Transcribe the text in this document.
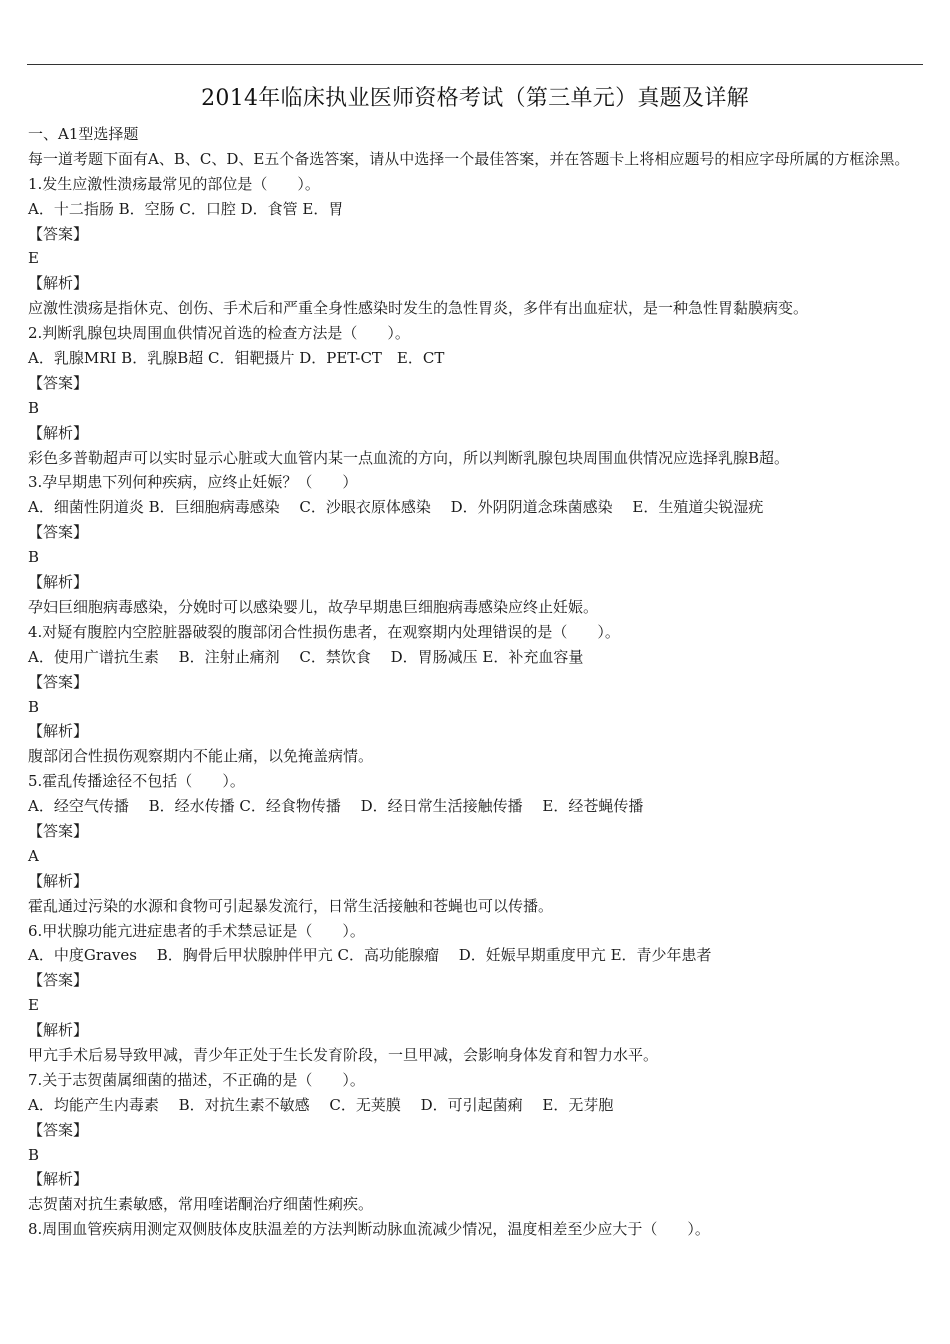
2014年临床执业医师资格考试（第三单元）真题及详解
一、A1型选择题
每一道考题下面有A、B、C、D、E五个备选答案，请从中选择一个最佳答案，并在答题卡上将相应题号的相应字母所属的方框涂黑。
1.发生应激性溃疡最常见的部位是（　　）。
A．十二指肠 B．空肠 C．口腔 D．食管 E．胃
【答案】
E
【解析】
应激性溃疡是指休克、创伤、手术后和严重全身性感染时发生的急性胃炎，多伴有出血症状，是一种急性胃黏膜病变。
2.判断乳腺包块周围血供情况首选的检查方法是（　　）。
A．乳腺MRI B．乳腺B超 C．钼靶摄片 D．PET-CT　E．CT
【答案】
B
【解析】
彩色多普勒超声可以实时显示心脏或大血管内某一点血流的方向，所以判断乳腺包块周围血供情况应选择乳腺B超。
3.孕早期患下列何种疾病，应终止妊娠？（　　）
A．细菌性阴道炎 B．巨细胞病毒感染　 C．沙眼衣原体感染　 D．外阴阴道念珠菌感染　 E．生殖道尖锐湿疣
【答案】
B
【解析】
孕妇巨细胞病毒感染，分娩时可以感染婴儿，故孕早期患巨细胞病毒感染应终止妊娠。
4.对疑有腹腔内空腔脏器破裂的腹部闭合性损伤患者，在观察期内处理错误的是（　　）。
A．使用广谱抗生素　 B．注射止痛剂　 C．禁饮食　 D．胃肠减压 E．补充血容量
【答案】
B
【解析】
腹部闭合性损伤观察期内不能止痛，以免掩盖病情。
5.霍乱传播途径不包括（　　）。
A．经空气传播　 B．经水传播 C．经食物传播　 D．经日常生活接触传播　 E．经苍蝇传播
【答案】
A
【解析】
霍乱通过污染的水源和食物可引起暴发流行，日常生活接触和苍蝇也可以传播。
6.甲状腺功能亢进症患者的手术禁忌证是（　　）。
A．中度Graves　 B．胸骨后甲状腺肿伴甲亢 C．高功能腺瘤　 D．妊娠早期重度甲亢 E．青少年患者
【答案】
E
【解析】
甲亢手术后易导致甲减，青少年正处于生长发育阶段，一旦甲减，会影响身体发育和智力水平。
7.关于志贺菌属细菌的描述，不正确的是（　　）。
A．均能产生内毒素　 B．对抗生素不敏感　 C．无荚膜　 D．可引起菌痢　 E．无芽胞
【答案】
B
【解析】
志贺菌对抗生素敏感，常用喹诺酮治疗细菌性痢疾。
8.周围血管疾病用测定双侧肢体皮肤温差的方法判断动脉血流减少情况，温度相差至少应大于（　　）。
